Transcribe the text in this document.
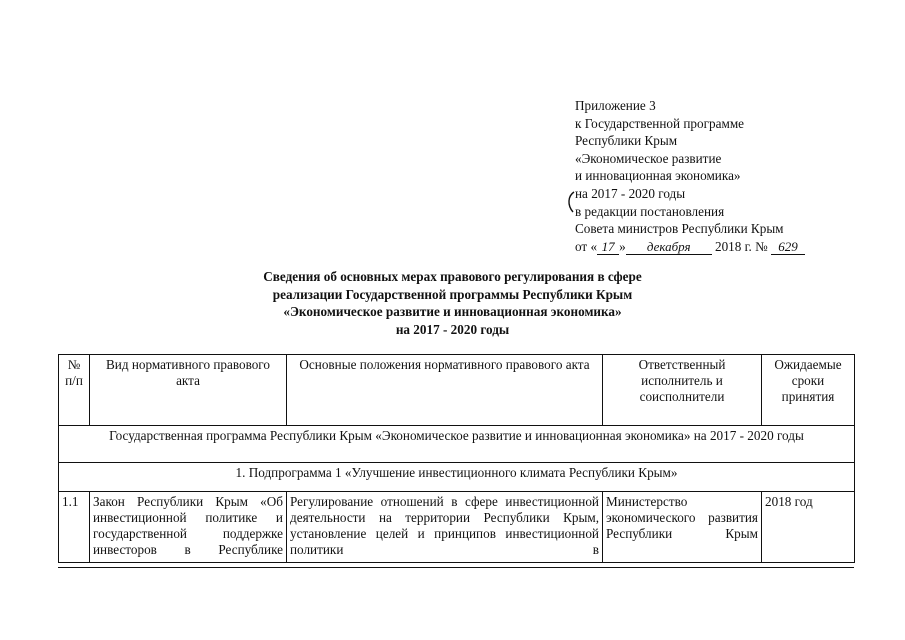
Приложение 3
к Государственной программе
Республики Крым
«Экономическое развитие
и инновационная экономика»
на 2017 - 2020 годы
в редакции постановления
Совета министров Республики Крым
от « 17 » декабря 2018 г. № 629
Сведения об основных мерах правового регулирования в сфере
реализации Государственной программы Республики Крым
«Экономическое развитие и инновационная экономика»
на 2017 - 2020 годы
№ п/п	Вид нормативного правового акта	Основные положения нормативного правового акта	Ответственный исполнитель и соисполнители	Ожидаемые сроки принятия
Государственная программа Республики Крым «Экономическое развитие и инновационная экономика» на 2017 - 2020 годы				
1. Подпрограмма 1 «Улучшение инвестиционного климата Республики Крым»				
1.1	Закон Республики Крым «Об инвестиционной политике и государственной поддержке инвесторов в Республике	Регулирование отношений в сфере инвестиционной деятельности на территории Республики Крым, установление целей и принципов инвестиционной политики в	Министерство экономического развития Республики Крым	2018 год
